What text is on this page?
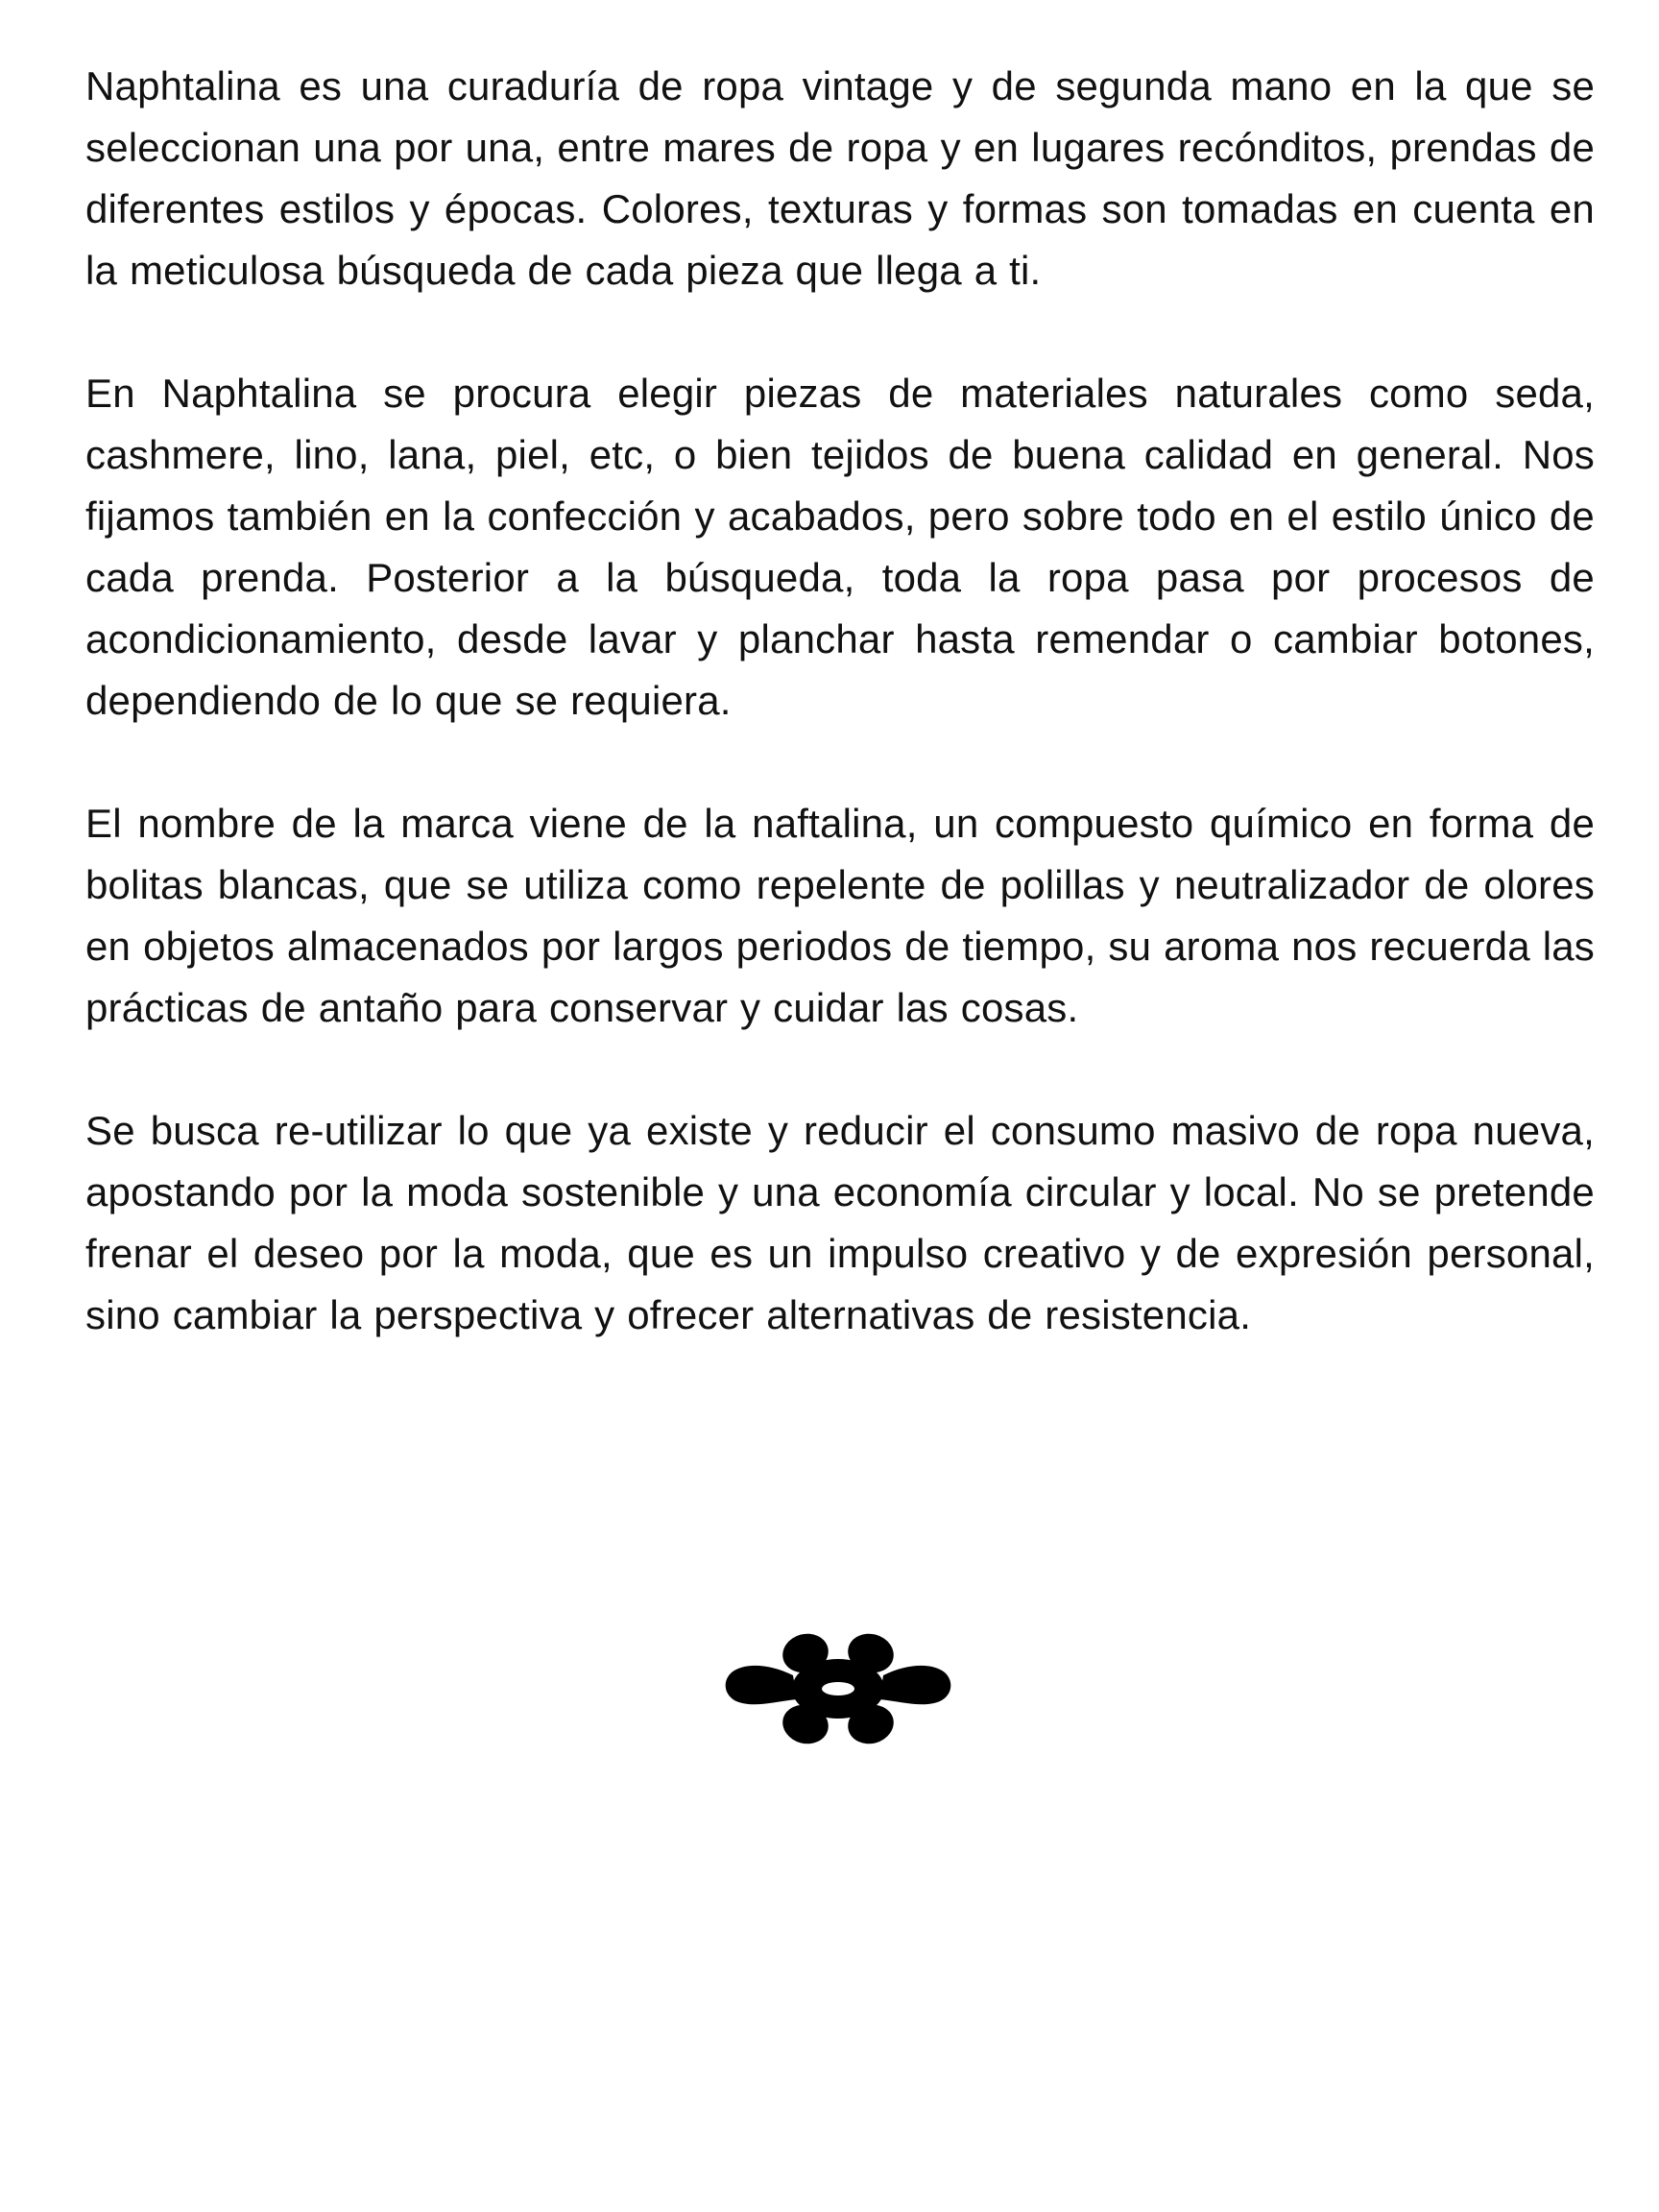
Naphtalina es una curaduría de ropa vintage y de segunda mano en la que se seleccionan una por una, entre mares de ropa y en lugares recónditos, prendas de diferentes estilos y épocas. Colores, texturas y formas son tomadas en cuenta en la meticulosa búsqueda de cada pieza que llega a ti.

En Naphtalina se procura elegir piezas de materiales naturales como seda, cashmere, lino, lana, piel, etc, o bien tejidos de buena calidad en general. Nos fijamos también en la confección y acabados, pero sobre todo en el estilo único de cada prenda. Posterior a la búsqueda, toda la ropa pasa por procesos de acondicionamiento, desde lavar y planchar hasta remendar o cambiar botones, dependiendo de lo que se requiera.

El nombre de la marca viene de la naftalina, un compuesto químico en forma de bolitas blancas, que se utiliza como repelente de polillas y neutralizador de olores en objetos almacenados por largos periodos de tiempo, su aroma nos recuerda las prácticas de antaño para conservar y cuidar las cosas.

Se busca re-utilizar lo que ya existe y reducir el consumo masivo de ropa nueva, apostando por la moda sostenible y una economía circular y local. No se pretende frenar el deseo por la moda, que es un impulso creativo y de expresión personal, sino cambiar la perspectiva y ofrecer alternativas de resistencia.
